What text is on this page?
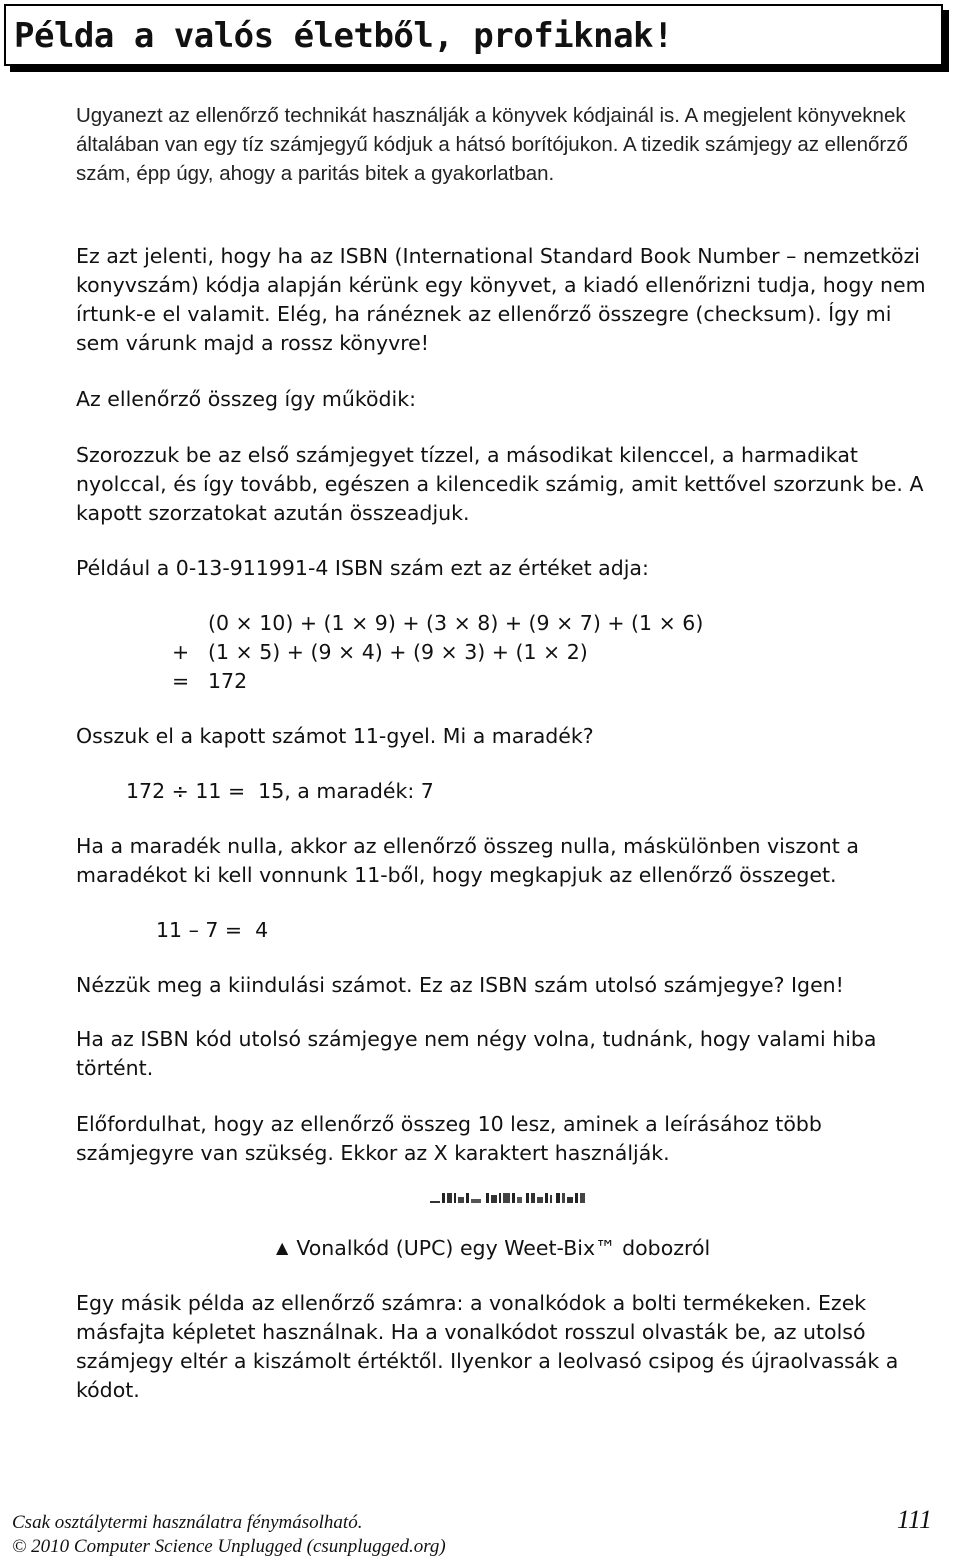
Példa a valós életből, profiknak!

Ugyanezt az ellenőrző technikát használják a könyvek kódjainál is. A megjelent könyveknek általában van egy tíz számjegyű kódjuk a hátsó borítójukon. A tizedik számjegy az ellenőrző szám, épp úgy, ahogy a paritás bitek a gyakorlatban.

Ez azt jelenti, hogy ha az ISBN (International Standard Book Number – nemzetközi konyvszám) kódja alapján kérünk egy könyvet, a kiadó ellenőrizni tudja, hogy nem írtunk-e el valamit. Elég, ha ránéznek az ellenőrző összegre (checksum). Így mi sem várunk majd a rossz könyvre!

Az ellenőrző összeg így működik:

Szorozzuk be az első számjegyet tízzel, a másodikat kilenccel, a harmadikat nyolccal, és így tovább, egészen a kilencedik számig, amit kettővel szorzunk be. A kapott szorzatokat azután összeadjuk.

Például a 0-13-911991-4 ISBN szám ezt az értéket adja:

(0 × 10) + (1 × 9) + (3 × 8) + (9 × 7) + (1 × 6)
+ (1 × 5) + (9 × 4) + (9 × 3) + (1 × 2)
= 172

Osszuk el a kapott számot 11-gyel. Mi a maradék?

172 ÷ 11 =  15, a maradék: 7

Ha a maradék nulla, akkor az ellenőrző összeg nulla, máskülönben viszont a maradékot ki kell vonnunk 11-ből, hogy megkapjuk az ellenőrző összeget.

11 – 7 =  4

Nézzük meg a kiindulási számot. Ez az ISBN szám utolsó számjegye? Igen!

Ha az ISBN kód utolsó számjegye nem négy volna, tudnánk, hogy valami hiba történt.

Előfordulhat, hogy az ellenőrző összeg 10 lesz, aminek a leírásához több számjegyre van szükség. Ekkor az X karaktert használják.

▲ Vonalkód (UPC) egy Weet-Bix™ dobozról

Egy másik példa az ellenőrző számra: a vonalkódok a bolti termékeken. Ezek másfajta képletet használnak. Ha a vonalkódot rosszul olvasták be, az utolsó számjegy eltér a kiszámolt értéktől. Ilyenkor a leolvasó csipog és újraolvassák a kódot.

Csak osztálytermi használatra fénymásolható.
© 2010 Computer Science Unplugged (csunplugged.org)
111
